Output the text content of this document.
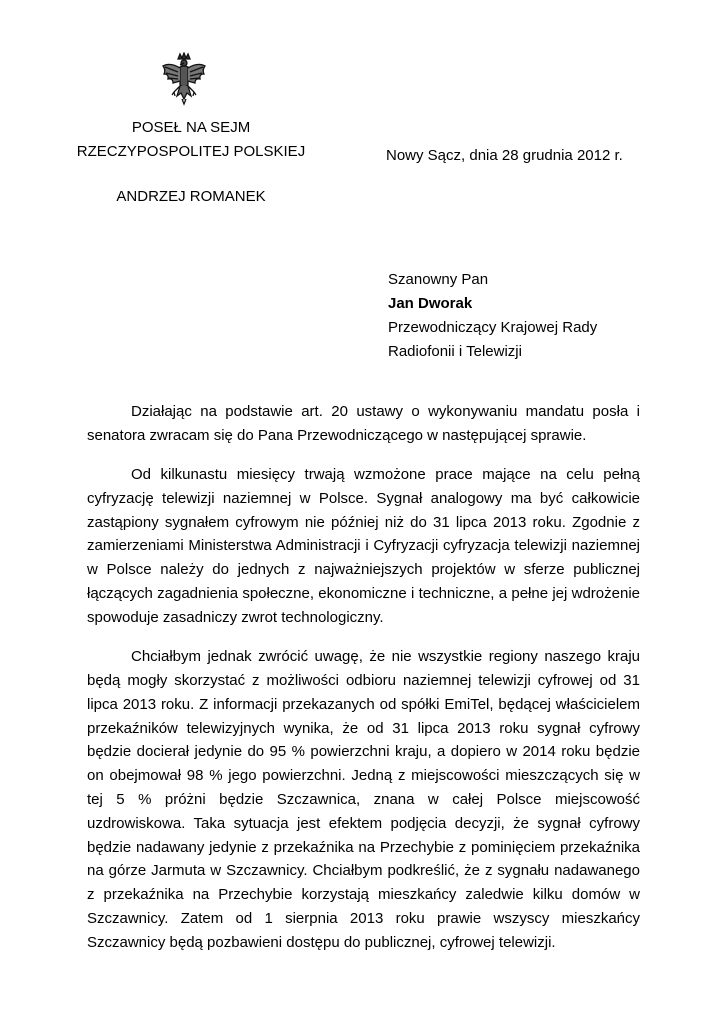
POSEŁ NA SEJM
RZECZYPOSPOLITEJ POLSKIEJ
ANDRZEJ ROMANEK
Nowy Sącz, dnia 28 grudnia 2012 r.
Szanowny Pan
Jan Dworak
Przewodniczący Krajowej Rady
Radiofonii i Telewizji

Działając na podstawie art. 20 ustawy o wykonywaniu mandatu posła i senatora zwracam się do Pana Przewodniczącego w następującej sprawie.

Od kilkunastu miesięcy trwają wzmożone prace mające na celu pełną cyfryzację telewizji naziemnej w Polsce. Sygnał analogowy ma być całkowicie zastąpiony sygnałem cyfrowym nie później niż do 31 lipca 2013 roku. Zgodnie z zamierzeniami Ministerstwa Administracji i Cyfryzacji cyfryzacja telewizji naziemnej w Polsce należy do jednych z najważniejszych projektów w sferze publicznej łączących zagadnienia społeczne, ekonomiczne i techniczne, a pełne jej wdrożenie spowoduje zasadniczy zwrot technologiczny.

Chciałbym jednak zwrócić uwagę, że nie wszystkie regiony naszego kraju będą mogły skorzystać z możliwości odbioru naziemnej telewizji cyfrowej od 31 lipca 2013 roku. Z informacji przekazanych od spółki EmiTel, będącej właścicielem przekaźników telewizyjnych wynika, że od 31 lipca 2013 roku sygnał cyfrowy będzie docierał jedynie do 95 % powierzchni kraju, a dopiero w 2014 roku będzie on obejmował 98 % jego powierzchni. Jedną z miejscowości mieszczących się w tej 5 % próżni będzie Szczawnica, znana w całej Polsce miejscowość uzdrowiskowa. Taka sytuacja jest efektem podjęcia decyzji, że sygnał cyfrowy będzie nadawany jedynie z przekaźnika na Przechybie z pominięciem przekaźnika na górze Jarmuta w Szczawnicy. Chciałbym podkreślić, że z sygnału nadawanego z przekaźnika na Przechybie korzystają mieszkańcy zaledwie kilku domów w Szczawnicy. Zatem od 1 sierpnia 2013 roku prawie wszyscy mieszkańcy Szczawnicy będą pozbawieni dostępu do publicznej, cyfrowej telewizji.
